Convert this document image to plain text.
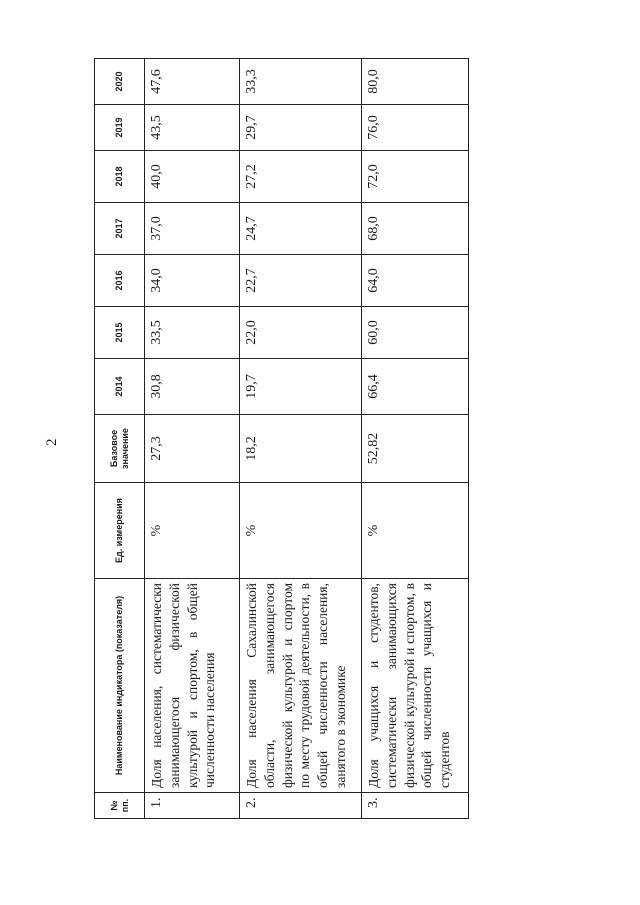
2
№ пп.	Наименование индикатора (показателя)	Ед. измерения	Базовое значение	2014	2015	2016	2017	2018	2019	2020
1.	Доля населения, систематически занимающегося физической культурой и спортом, в общей численности населения	%	27,3	30,8	33,5	34,0	37,0	40,0	43,5	47,6
2.	Доля населения Сахалинской области, занимающегося физической культурой и спортом по месту трудовой деятельности, в общей численности населения, занятого в экономике	%	18,2	19,7	22,0	22,7	24,7	27,2	29,7	33,3
3.	Доля учащихся и студентов, систематически занимающихся физической культурой и спортом, в общей численности учащихся и студентов	%	52,82	66,4	60,0	64,0	68,0	72,0	76,0	80,0
